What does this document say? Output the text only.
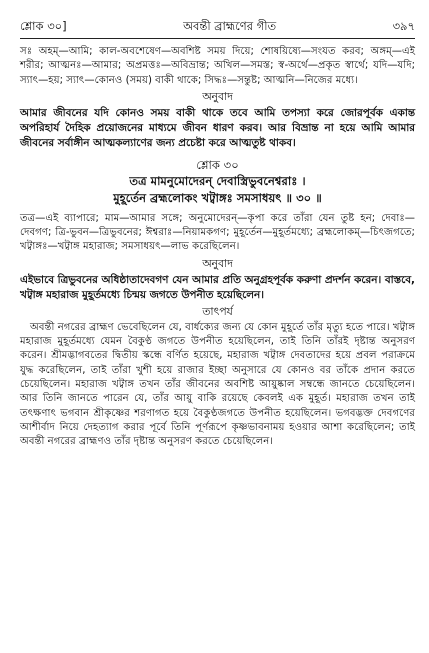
শ্লোক ৩০]	অবন্তী ব্রাহ্মণের গীত	৩৯৭

সঃ অহম্—আমি; কাল-অবশেষেণ—অবশিষ্ট সময় দিয়ে; শোষয়িষ্যে—সংযত করব; অঙ্গম্—এই শরীর; আত্মনঃ—আমার; অপ্রমত্তঃ—অবিভ্রান্ত; অখিল—সমস্ত; স্ব-অর্থে—প্রকৃত স্বার্থে; যদি—যদি; স্যাৎ—হয়; স্যাৎ—কোনও (সময়) বাকী থাকে; সিদ্ধঃ—সন্তুষ্ট; আত্মনি—নিজের মধ্যে।

অনুবাদ

আমার জীবনের যদি কোনও সময় বাকী থাকে তবে আমি তপস্যা করে জোরপূর্বক একান্ত অপরিহার্য দৈহিক প্রয়োজনের মাধ্যমে জীবন ধারণ করব। আর বিভ্রান্ত না হয়ে আমি আমার জীবনের সর্বাঙ্গীন আত্মকল্যাণের জন্য প্রচেষ্টা করে আত্মতুষ্ট থাকব।

শ্লোক ৩০
তত্র মামনুমোদেরন্ দেবাস্ত্রিভুবনেশ্বরাঃ ।
মুহূর্তেন ব্রহ্মলোকং খট্বাঙ্গঃ সমসাধয়ৎ ॥ ৩০ ॥

তত্র—এই ব্যাপারে; মাম—আমার সঙ্গে; অনুমোদেরন্—কৃপা করে তাঁরা যেন তুষ্ট হন; দেবাঃ—দেবগণ; ত্রি-ভুবন—ত্রিভুবনের; ঈশ্বরাঃ—নিয়ামকগণ; মুহূর্তেন—মুহূর্তমধ্যে; ব্রহ্মলোকম্—চিৎজগতে; খট্বাঙ্গঃ—খট্বাঙ্গ মহারাজ; সমসাধয়ৎ—লাভ করেছিলেন।

অনুবাদ

এইভাবে ত্রিভুবনের অধিষ্ঠাতাদেবগণ যেন আমার প্রতি অনুগ্রহপূর্বক করুণা প্রদর্শন করেন। বাস্তবে, খট্বাঙ্গ মহারাজ মুহূর্তমধ্যে চিন্ময় জগতে উপনীত হয়েছিলেন।

তাৎপর্য

অবন্তী নগরের ব্রাহ্মণ ভেবেছিলেন যে, বার্ধক্যের জন্য যে কোন মুহূর্তে তাঁর মৃত্যু হতে পারে। খট্বাঙ্গ মহারাজ মুহূর্তমধ্যে যেমন বৈকুণ্ঠ জগতে উপনীত হয়েছিলেন, তাই তিনি তাঁরই দৃষ্টান্ত অনুসরণ করেন। শ্রীমদ্ভাগবতের দ্বিতীয় স্কন্ধে বর্ণিত হয়েছে, মহারাজ খট্বাঙ্গ দেবতাদের হয়ে প্রবল পরাক্রমে যুদ্ধ করেছিলেন, তাই তাঁরা খুশী হয়ে রাজার ইচ্ছা অনুসারে যে কোনও বর তাঁকে প্রদান করতে চেয়েছিলেন। মহারাজ খট্বাঙ্গ তখন তাঁর জীবনের অবশিষ্ট আয়ুষ্কাল সম্বন্ধে জানতে চেয়েছিলেন। আর তিনি জানতে পারেন যে, তাঁর আয়ু বাকি রয়েছে কেবলই এক মুহূর্ত। মহারাজ তখন তাই তৎক্ষণাৎ ভগবান শ্রীকৃষ্ণের শরণাগত হয়ে বৈকুণ্ঠজগতে উপনীত হয়েছিলেন। ভগবদ্ভক্ত দেবগণের আশীর্বাদ নিয়ে দেহত্যাগ করার পূর্বে তিনি পূর্ণরূপে কৃষ্ণভাবনাময় হওয়ার আশা করেছিলেন; তাই অবন্তী নগরের ব্রাহ্মণও তাঁর দৃষ্টান্ত অনুসরণ করতে চেয়েছিলেন।
